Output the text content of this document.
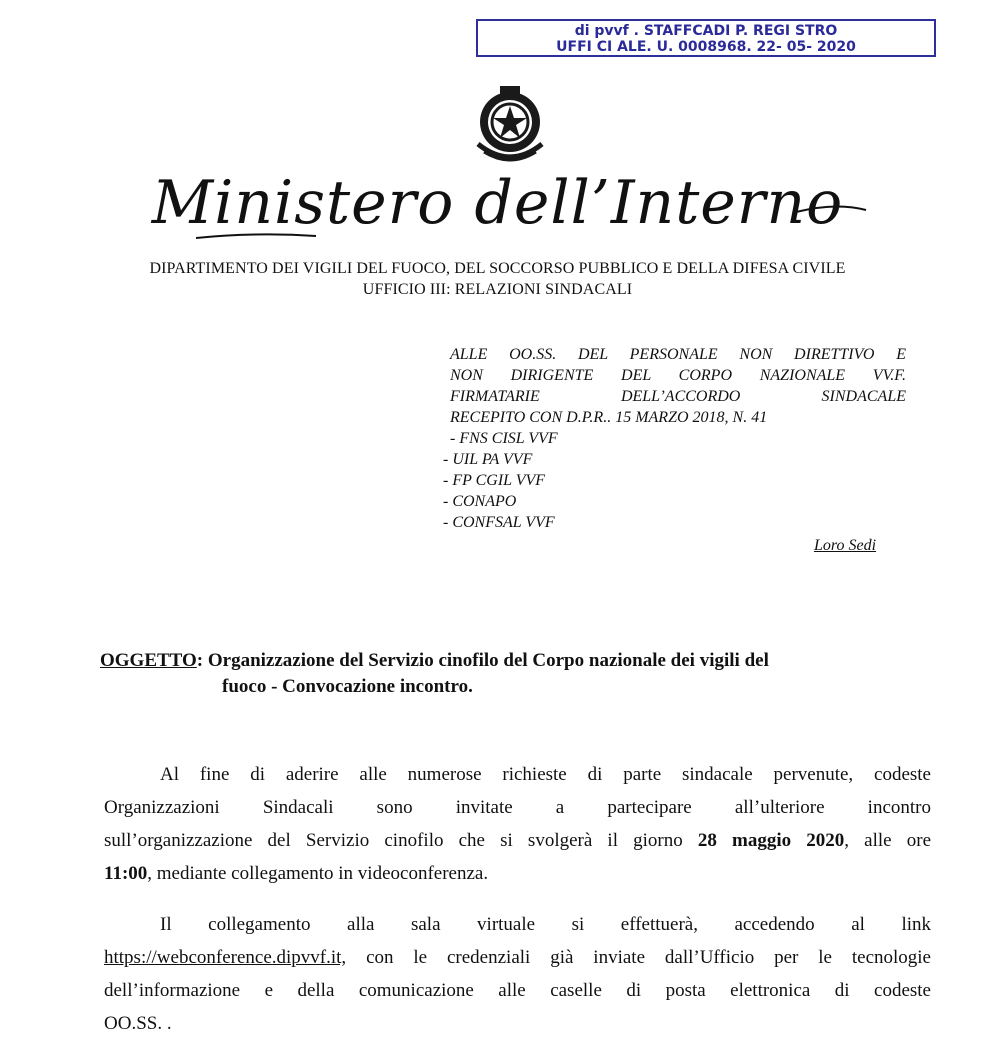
di pvvf . STAFFCADI P. REGI STRO
UFFI CI ALE. U. 0008968. 22- 05- 2020
Ministero dell’Interno
DIPARTIMENTO DEI VIGILI DEL FUOCO, DEL SOCCORSO PUBBLICO E DELLA DIFESA CIVILE
UFFICIO III: RELAZIONI SINDACALI
ALLE OO.SS. DEL PERSONALE NON DIRETTIVO E
NON DIRIGENTE DEL CORPO NAZIONALE VV.F.
FIRMATARIE DELL’ACCORDO SINDACALE
RECEPITO CON D.P.R.. 15 MARZO 2018, N. 41
- FNS CISL VVF
- UIL PA VVF
- FP CGIL VVF
- CONAPO
- CONFSAL VVF
Loro Sedi
OGGETTO: Organizzazione del Servizio cinofilo del Corpo nazionale dei vigili del
fuoco - Convocazione incontro.
Al fine di aderire alle numerose richieste di parte sindacale pervenute, codeste
Organizzazioni Sindacali sono invitate a partecipare all’ulteriore incontro
sull’organizzazione del Servizio cinofilo che si svolgerà il giorno 28 maggio 2020, alle ore
11:00, mediante collegamento in videoconferenza.
Il collegamento alla sala virtuale si effettuerà, accedendo al link
https://webconference.dipvvf.it, con le credenziali già inviate dall’Ufficio per le tecnologie
dell’informazione e della comunicazione alle caselle di posta elettronica di codeste
OO.SS. .
